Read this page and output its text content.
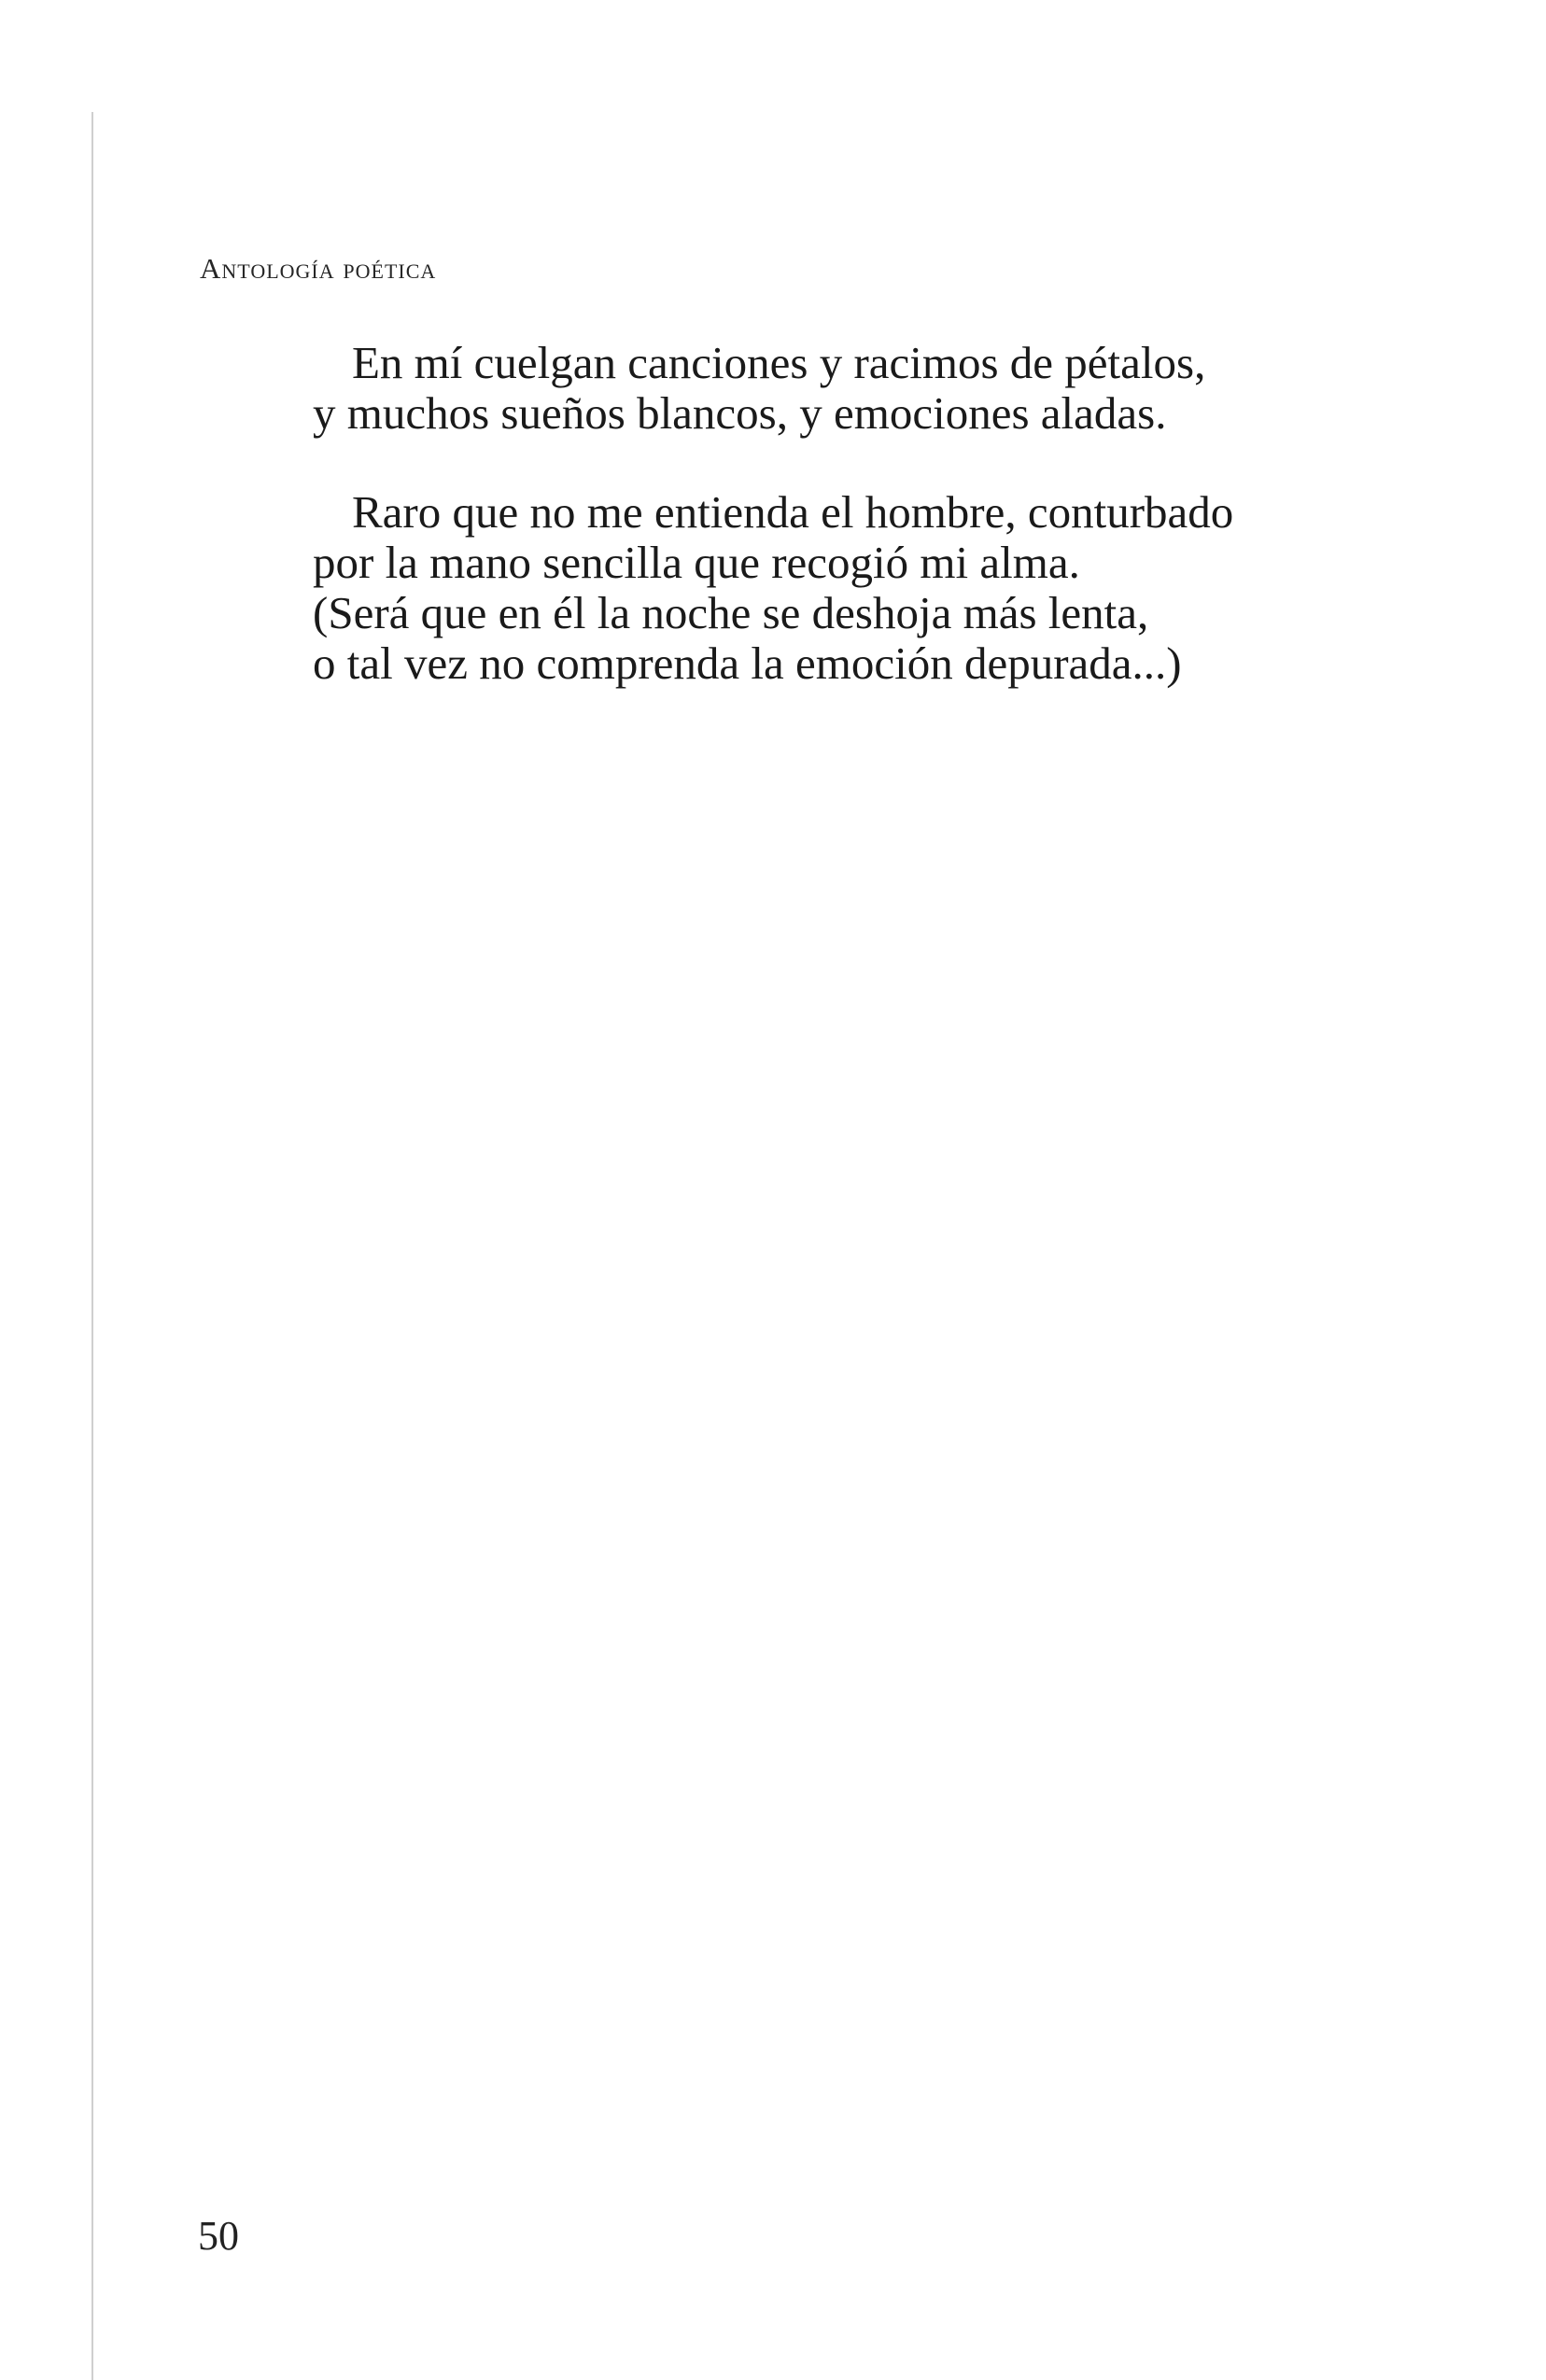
Antología poética
En mí cuelgan canciones y racimos de pétalos,
y muchos sueños blancos, y emociones aladas.
Raro que no me entienda el hombre, conturbado
por la mano sencilla que recogió mi alma.
(Será que en él la noche se deshoja más lenta,
o tal vez no comprenda la emoción depurada...)
50
